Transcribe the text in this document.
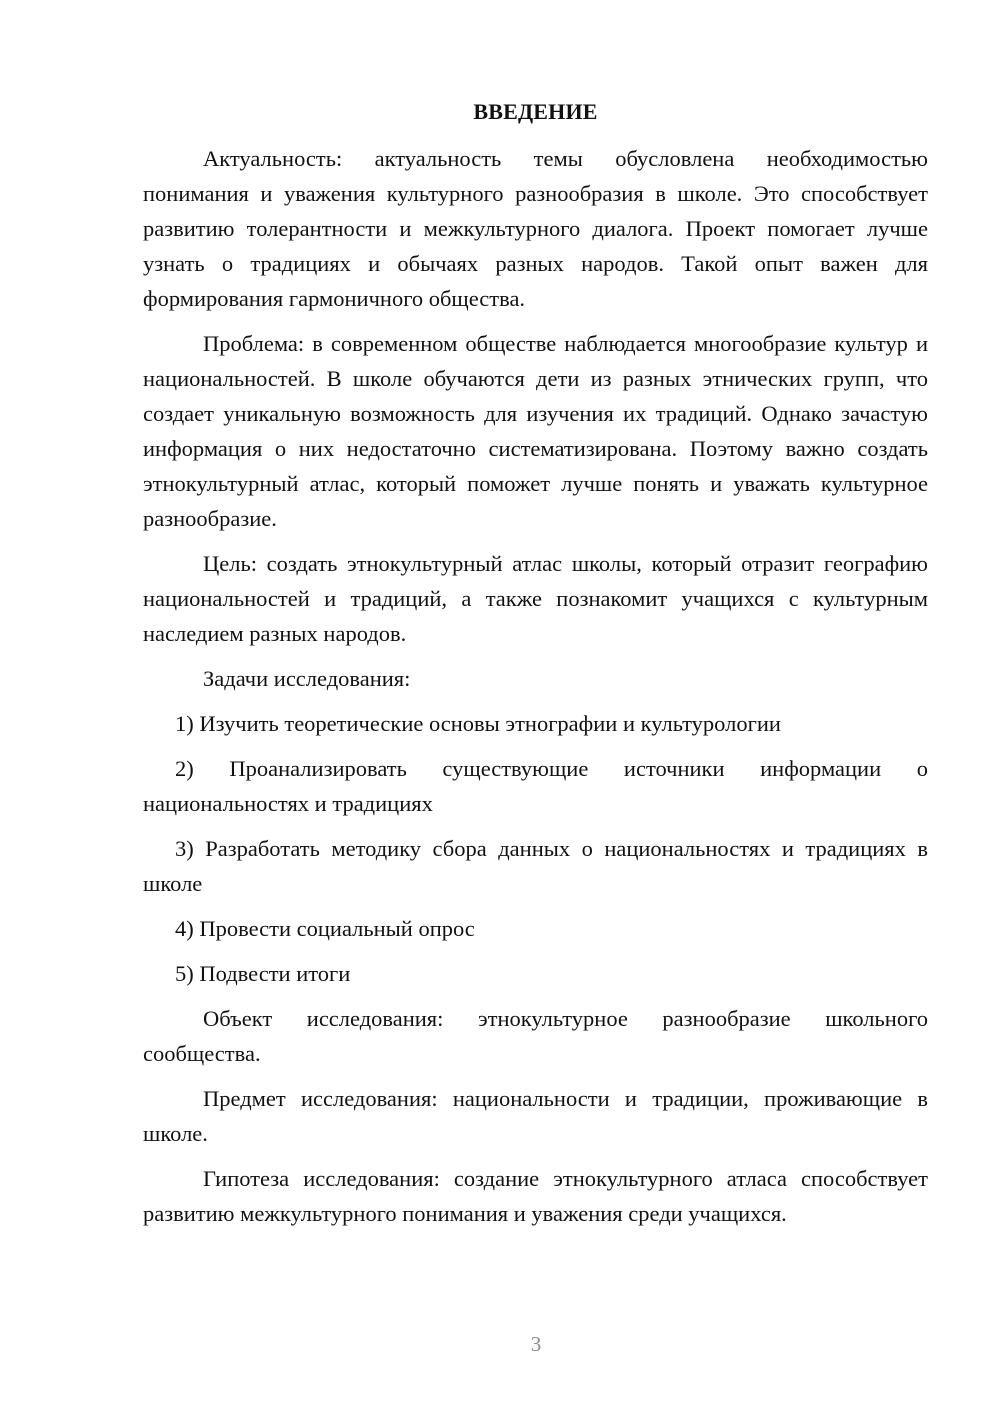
ВВЕДЕНИЕ

Актуальность: актуальность темы обусловлена необходимостью понимания и уважения культурного разнообразия в школе. Это способствует развитию толерантности и межкультурного диалога. Проект помогает лучше узнать о традициях и обычаях разных народов. Такой опыт важен для формирования гармоничного общества.

Проблема: в современном обществе наблюдается многообразие культур и национальностей. В школе обучаются дети из разных этнических групп, что создает уникальную возможность для изучения их традиций. Однако зачастую информация о них недостаточно систематизирована. Поэтому важно создать этнокультурный атлас, который поможет лучше понять и уважать культурное разнообразие.

Цель: создать этнокультурный атлас школы, который отразит географию национальностей и традиций, а также познакомит учащихся с культурным наследием разных народов.

Задачи исследования:

1) Изучить теоретические основы этнографии и культурологии

2) Проанализировать существующие источники информации о национальностях и традициях

3) Разработать методику сбора данных о национальностях и традициях в школе

4) Провести социальный опрос

5) Подвести итоги

Объект исследования: этнокультурное разнообразие школьного сообщества.

Предмет исследования: национальности и традиции, проживающие в школе.

Гипотеза исследования: создание этнокультурного атласа способствует развитию межкультурного понимания и уважения среди учащихся.

3
